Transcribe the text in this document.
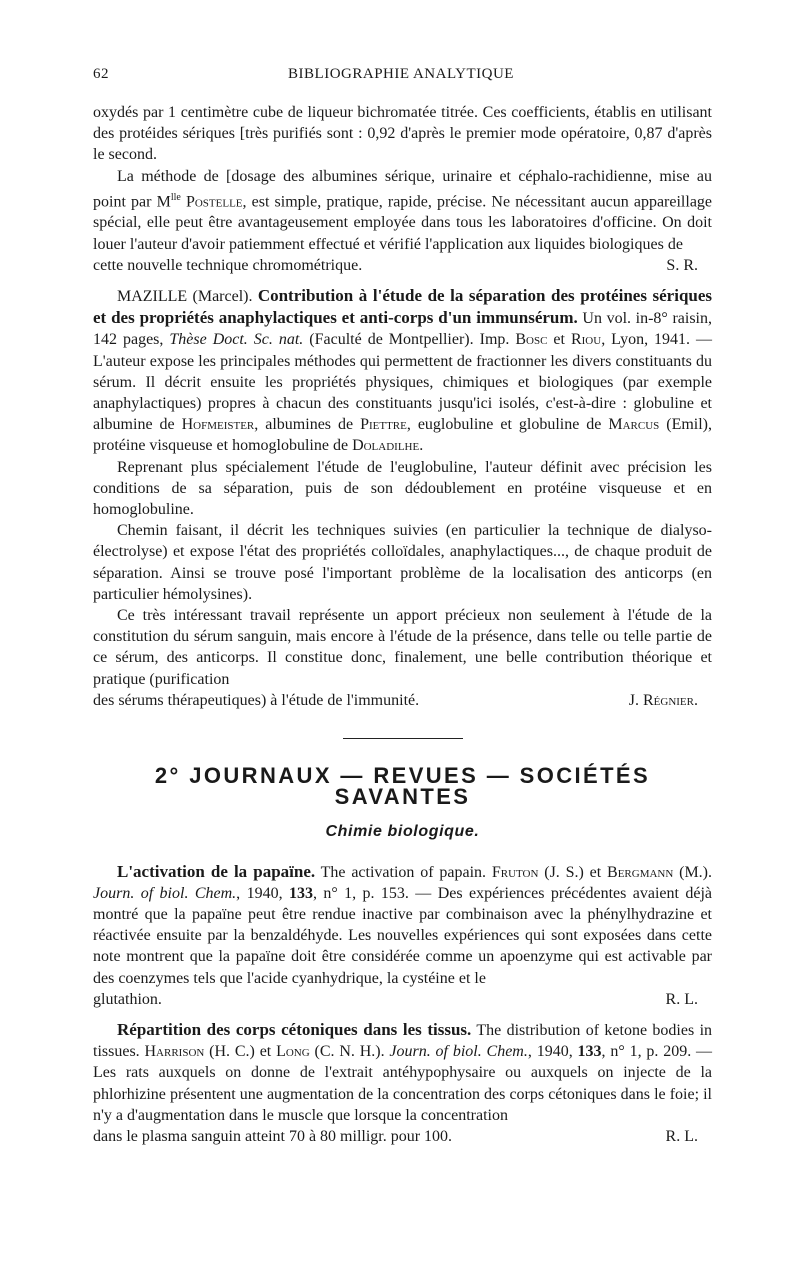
62	BIBLIOGRAPHIE ANALYTIQUE

oxydés par 1 centimètre cube de liqueur bichromatée titrée. Ces coefficients, établis en utilisant des protéides sériques [très purifiés sont : 0,92 d'après le premier mode opératoire, 0,87 d'après le second.

La méthode de [dosage des albumines sérique, urinaire et céphalo-rachidienne, mise au point par $M^{lle}$ Postelle, est simple, pratique, rapide, précise. Ne nécessitant aucun appareillage spécial, elle peut être avantageusement employée dans tous les laboratoires d'officine. On doit louer l'auteur d'avoir patiemment effectué et vérifié l'application aux liquides biologiques de

cette nouvelle technique chromométrique.	S. R.

MAZILLE (Marcel). Contribution à l'étude de la séparation des protéines sériques et des propriétés anaphylactiques et anti-corps d'un immunsérum. Un vol. in-8° raisin, 142 pages, Thèse Doct. Sc. nat. (Faculté de Montpellier). Imp. Bosc et Riou, Lyon, 1941. — L'auteur expose les principales méthodes qui permettent de fractionner les divers constituants du sérum. Il décrit ensuite les propriétés physiques, chimiques et biologiques (par exemple anaphylactiques) propres à chacun des constituants jusqu'ici isolés, c'est-à-dire : globuline et albumine de Hofmeister, albumines de Piettre, euglobuline et globuline de Marcus (Emil), protéine visqueuse et homoglobuline de Doladilhe.

Reprenant plus spécialement l'étude de l'euglobuline, l'auteur définit avec précision les conditions de sa séparation, puis de son dédoublement en protéine visqueuse et en homoglobuline.

Chemin faisant, il décrit les techniques suivies (en particulier la technique de dialyso-électrolyse) et expose l'état des propriétés colloïdales, anaphylactiques..., de chaque produit de séparation. Ainsi se trouve posé l'important problème de la localisation des anticorps (en particulier hémolysines).

Ce très intéressant travail représente un apport précieux non seulement à l'étude de la constitution du sérum sanguin, mais encore à l'étude de la présence, dans telle ou telle partie de ce sérum, des anticorps. Il constitue donc, finalement, une belle contribution théorique et pratique (purification

des sérums thérapeutiques) à l'étude de l'immunité.	J. Régnier.
2° JOURNAUX — REVUES — SOCIÉTÉS SAVANTES
Chimie biologique.

L'activation de la papaïne. The activation of papain. Fruton (J. S.) et Bergmann (M.). Journ. of biol. Chem., 1940, 133, n° 1, p. 153. — Des expériences précédentes avaient déjà montré que la papaïne peut être rendue inactive par combinaison avec la phénylhydrazine et réactivée ensuite par la benzaldéhyde. Les nouvelles expériences qui sont exposées dans cette note montrent que la papaïne doit être considérée comme un apoenzyme qui est activable par des coenzymes tels que l'acide cyanhydrique, la cystéine et le

glutathion.	R. L.

Répartition des corps cétoniques dans les tissus. The distribution of ketone bodies in tissues. Harrison (H. C.) et Long (C. N. H.). Journ. of biol. Chem., 1940, 133, n° 1, p. 209. — Les rats auxquels on donne de l'extrait antéhypophysaire ou auxquels on injecte de la phlorhizine présentent une augmentation de la concentration des corps cétoniques dans le foie; il n'y a d'augmentation dans le muscle que lorsque la concentration

dans le plasma sanguin atteint 70 à 80 milligr. pour 100.	R. L.
